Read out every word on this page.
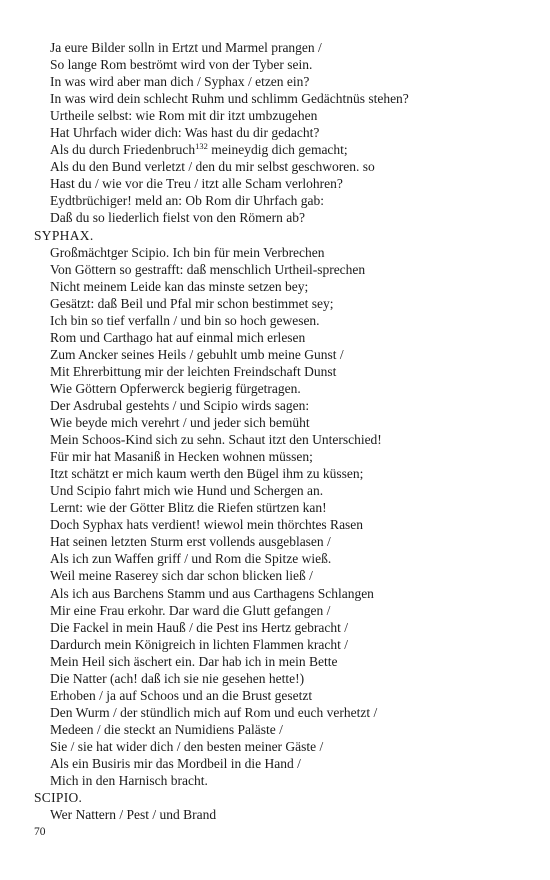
Ja eure Bilder solln in Ertzt und Marmel prangen /
So lange Rom beströmt wird von der Tyber sein.
In was wird aber man dich / Syphax / etzen ein?
In was wird dein schlecht Ruhm und schlimm Gedächtnüs stehen?
Urtheile selbst: wie Rom mit dir itzt umbzugehen
Hat Uhrfach wider dich: Was hast du dir gedacht?
Als du durch Friedenbruch$^{132}$ meineydig dich gemacht;
Als du den Bund verletzt / den du mir selbst geschworen. so
Hast du / wie vor die Treu / itzt alle Scham verlohren?
Eydtbrüchiger! meld an: Ob Rom dir Uhrfach gab:
Daß du so liederlich fielst von den Römern ab?
SYPHAX.
Großmächtger Scipio. Ich bin für mein Verbrechen
Von Göttern so gestrafft: daß menschlich Urtheil-sprechen
Nicht meinem Leide kan das minste setzen bey;
Gesätzt: daß Beil und Pfal mir schon bestimmet sey;
Ich bin so tief verfalln / und bin so hoch gewesen.
Rom und Carthago hat auf einmal mich erlesen
Zum Ancker seines Heils / gebuhlt umb meine Gunst /
Mit Ehrerbittung mir der leichten Freindschaft Dunst
Wie Göttern Opferwerck begierig fürgetragen.
Der Asdrubal gestehts / und Scipio wirds sagen:
Wie beyde mich verehrt / und jeder sich bemüht
Mein Schoos-Kind sich zu sehn. Schaut itzt den Unterschied!
Für mir hat Masaniß in Hecken wohnen müssen;
Itzt schätzt er mich kaum werth den Bügel ihm zu küssen;
Und Scipio fahrt mich wie Hund und Schergen an.
Lernt: wie der Götter Blitz die Riefen stürtzen kan!
Doch Syphax hats verdient! wiewol mein thörchtes Rasen
Hat seinen letzten Sturm erst vollends ausgeblasen /
Als ich zun Waffen griff / und Rom die Spitze wieß.
Weil meine Raserey sich dar schon blicken ließ /
Als ich aus Barchens Stamm und aus Carthagens Schlangen
Mir eine Frau erkohr. Dar ward die Glutt gefangen /
Die Fackel in mein Hauß / die Pest ins Hertz gebracht /
Dardurch mein Königreich in lichten Flammen kracht /
Mein Heil sich äschert ein. Dar hab ich in mein Bette
Die Natter (ach! daß ich sie nie gesehen hette!)
Erhoben / ja auf Schoos und an die Brust gesetzt
Den Wurm / der stündlich mich auf Rom und euch verhetzt /
Medeen / die steckt an Numidiens Paläste /
Sie / sie hat wider dich / den besten meiner Gäste /
Als ein Busiris mir das Mordbeil in die Hand /
Mich in den Harnisch bracht.
SCIPIO.
Wer Nattern / Pest / und Brand
70
